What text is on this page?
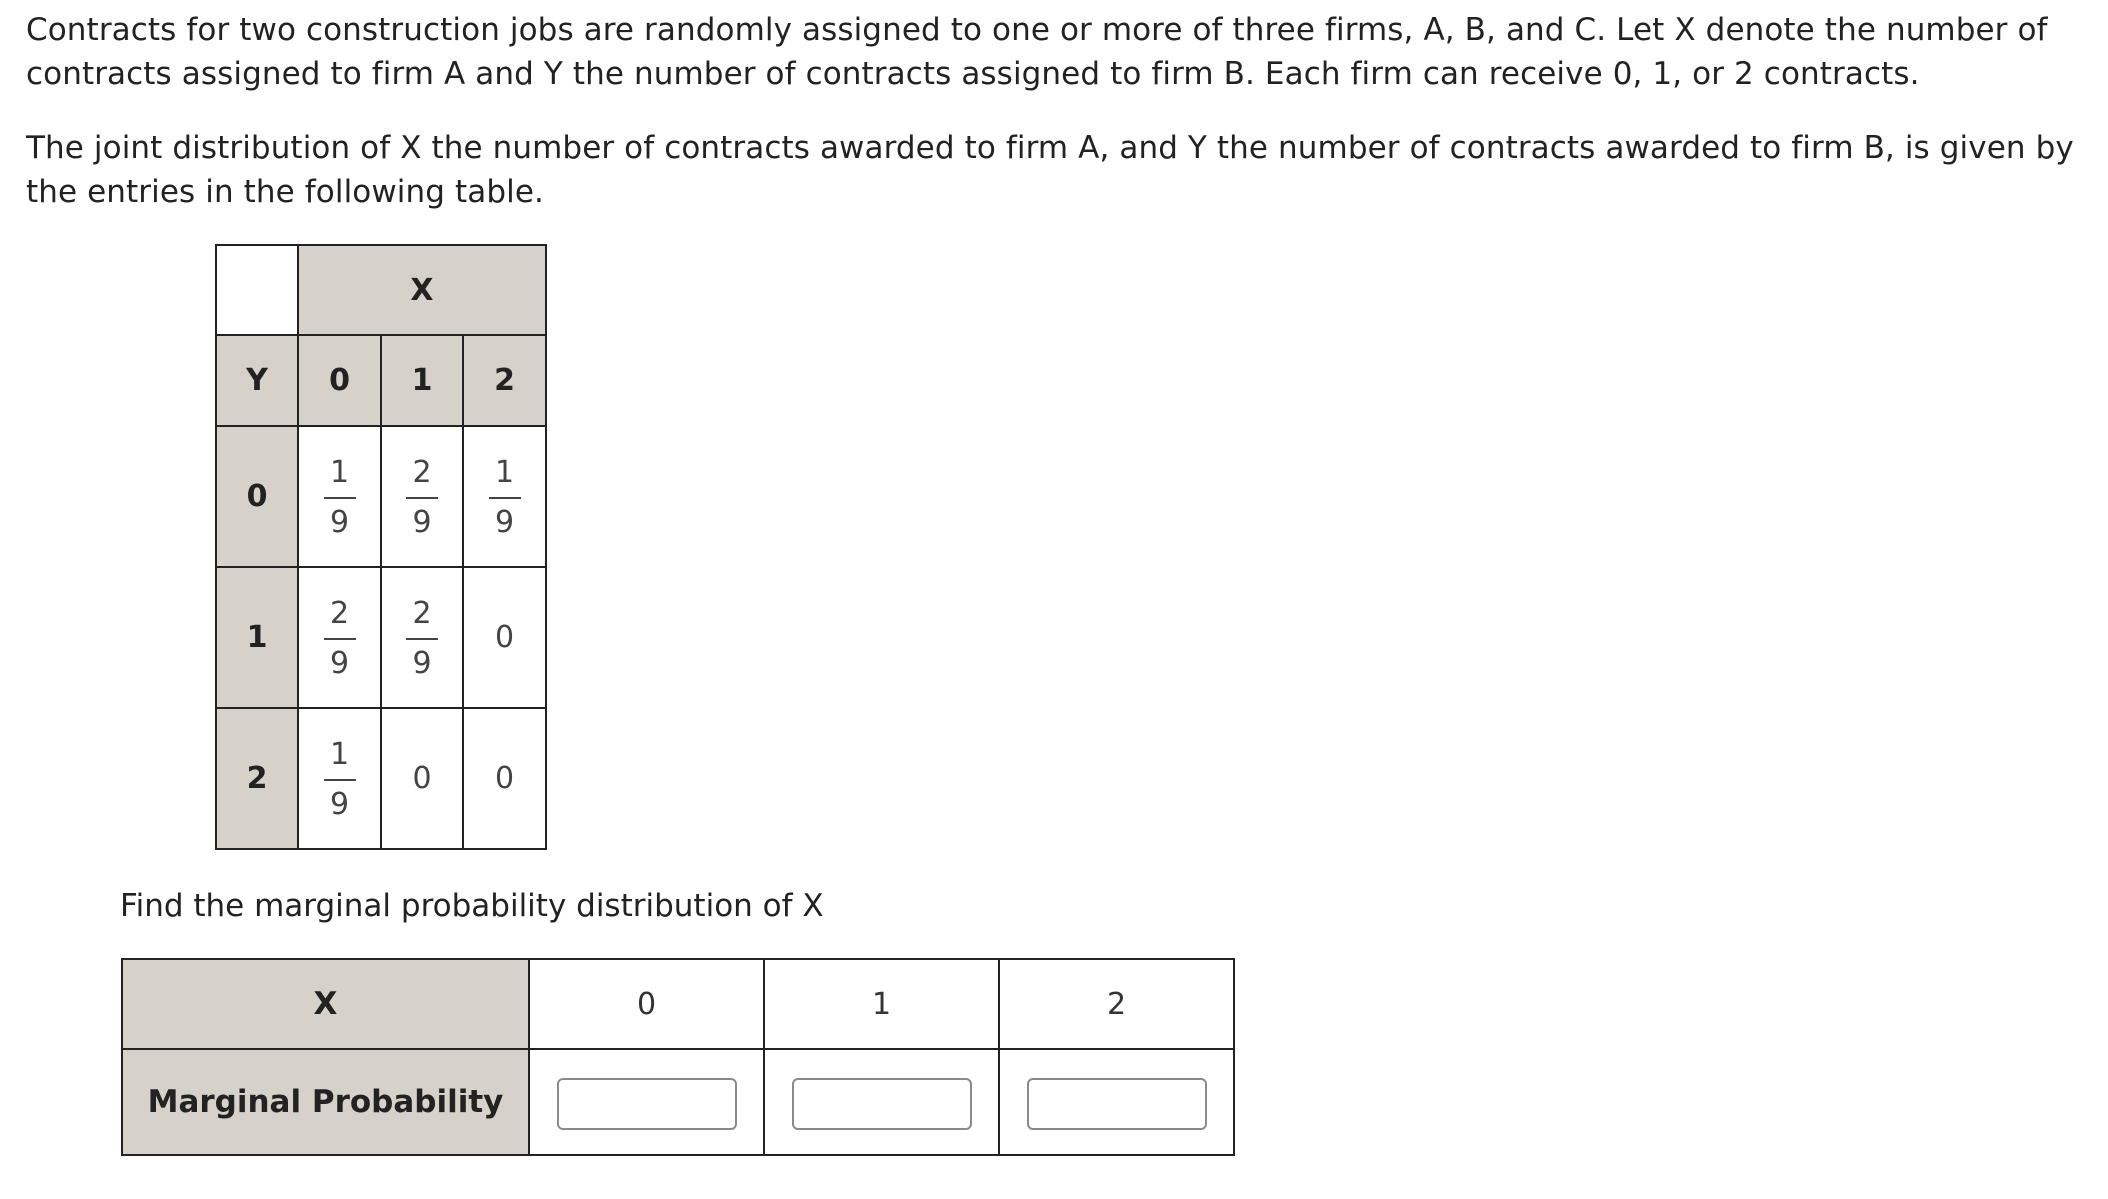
Contracts for two construction jobs are randomly assigned to one or more of three firms, A, B, and C. Let X denote the number of contracts assigned to firm A and Y the number of contracts assigned to firm B. Each firm can receive 0, 1, or 2 contracts.

The joint distribution of X the number of contracts awarded to firm A, and Y the number of contracts awarded to firm B, is given by the entries in the following table.

	X		
Y	0	1	2
0	$\frac{1}{9}$	$\frac{2}{9}$	$\frac{1}{9}$

1	$\frac{2}{9}$	$\frac{2}{9}$	0
2	$\frac{1}{9}$	0	0

Find the marginal probability distribution of X

X	0	1	2
Marginal Probability			
